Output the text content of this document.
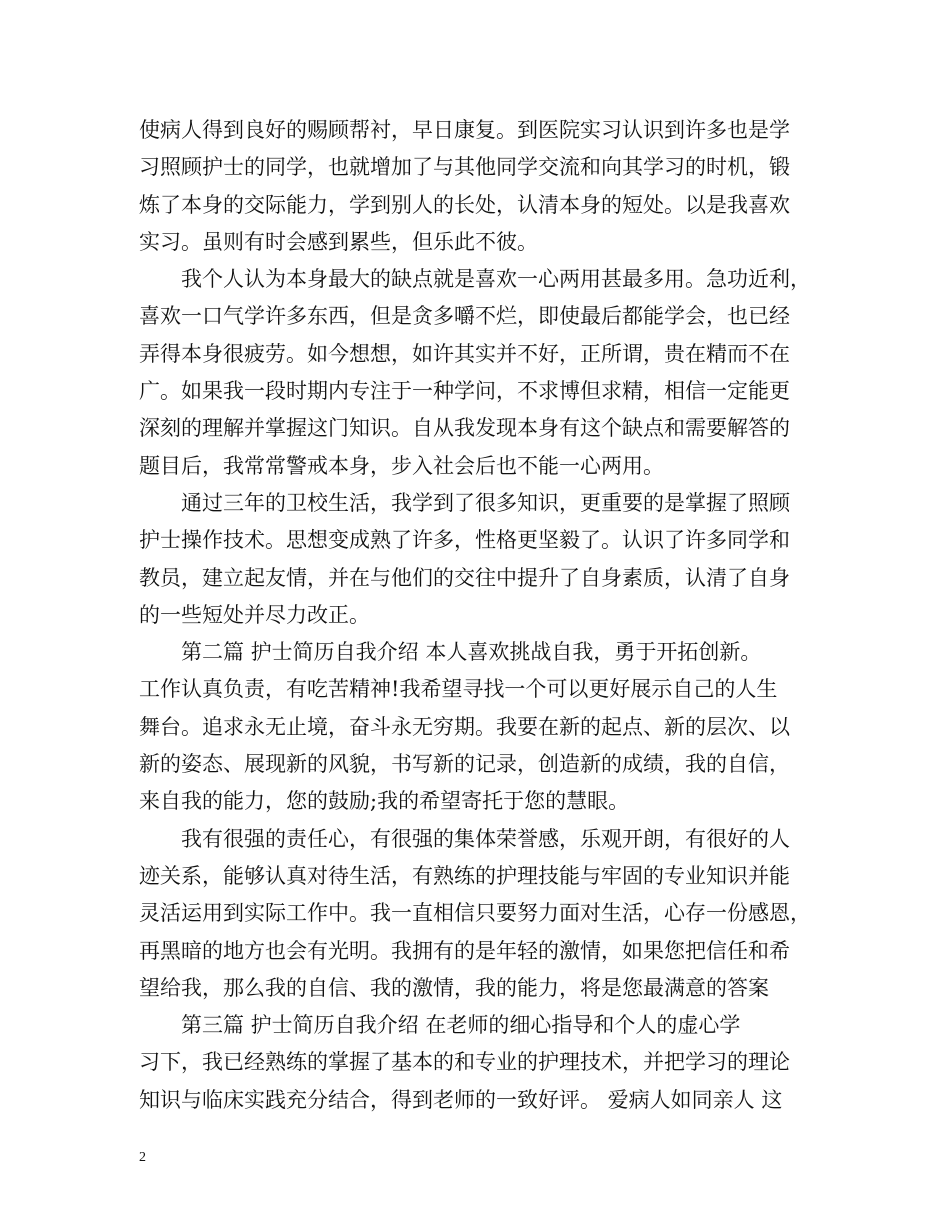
使病人得到良好的赐顾帮衬，早日康复。到医院实习认识到许多也是学
习照顾护士的同学，也就增加了与其他同学交流和向其学习的时机，锻
炼了本身的交际能力，学到别人的长处，认清本身的短处。以是我喜欢
实习。虽则有时会感到累些，但乐此不彼。
我个人认为本身最大的缺点就是喜欢一心两用甚最多用。急功近利，
喜欢一口气学许多东西，但是贪多嚼不烂，即使最后都能学会，也已经
弄得本身很疲劳。如今想想，如许其实并不好，正所谓，贵在精而不在
广。如果我一段时期内专注于一种学问，不求博但求精，相信一定能更
深刻的理解并掌握这门知识。自从我发现本身有这个缺点和需要解答的
题目后，我常常警戒本身，步入社会后也不能一心两用。
通过三年的卫校生活，我学到了很多知识，更重要的是掌握了照顾
护士操作技术。思想变成熟了许多，性格更坚毅了。认识了许多同学和
教员，建立起友情，并在与他们的交往中提升了自身素质，认清了自身
的一些短处并尽力改正。
第二篇 护士简历自我介绍 本人喜欢挑战自我，勇于开拓创新。
工作认真负责，有吃苦精神!我希望寻找一个可以更好展示自己的人生
舞台。追求永无止境，奋斗永无穷期。我要在新的起点、新的层次、以
新的姿态、展现新的风貌，书写新的记录，创造新的成绩，我的自信，
来自我的能力，您的鼓励;我的希望寄托于您的慧眼。
我有很强的责任心，有很强的集体荣誉感，乐观开朗，有很好的人
迹关系，能够认真对待生活，有熟练的护理技能与牢固的专业知识并能
灵活运用到实际工作中。我一直相信只要努力面对生活，心存一份感恩，
再黑暗的地方也会有光明。我拥有的是年轻的激情，如果您把信任和希
望给我，那么我的自信、我的激情，我的能力，将是您最满意的答案
第三篇 护士简历自我介绍 在老师的细心指导和个人的虚心学
习下，我已经熟练的掌握了基本的和专业的护理技术，并把学习的理论
知识与临床实践充分结合，得到老师的一致好评。 爱病人如同亲人 这
2
